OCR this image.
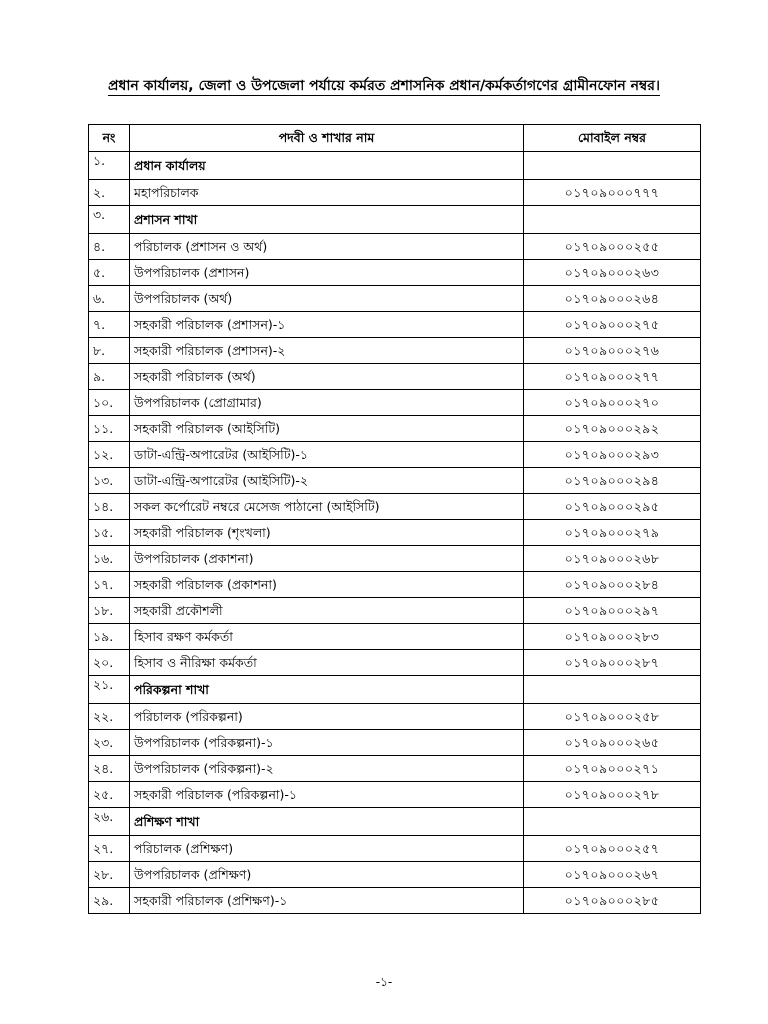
প্রধান কার্যালয়, জেলা ও উপজেলা পর্যায়ে কর্মরত প্রশাসনিক প্রধান/কর্মকর্তাগণের গ্রামীনফোন নম্বর।
নং	পদবী ও শাখার নাম	মোবাইল নম্বর
১.	প্রধান কার্যালয়	
২.	মহাপরিচালক	০১৭০৯০০০৭৭৭
৩.	প্রশাসন শাখা	
৪.	পরিচালক (প্রশাসন ও অর্থ)	০১৭০৯০০০২৫৫
৫.	উপপরিচালক (প্রশাসন)	০১৭০৯০০০২৬৩
৬.	উপপরিচালক (অর্থ)	০১৭০৯০০০২৬৪
৭.	সহকারী পরিচালক (প্রশাসন)-১	০১৭০৯০০০২৭৫
৮.	সহকারী পরিচালক (প্রশাসন)-২	০১৭০৯০০০২৭৬
৯.	সহকারী পরিচালক (অর্থ)	০১৭০৯০০০২৭৭
১০.	উপপরিচালক (প্রোগ্রামার)	০১৭০৯০০০২৭০
১১.	সহকারী পরিচালক (আইসিটি)	০১৭০৯০০০২৯২
১২.	ডাটা-এন্ট্রি-অপারেটর (আইসিটি)-১	০১৭০৯০০০২৯৩
১৩.	ডাটা-এন্ট্রি-অপারেটর (আইসিটি)-২	০১৭০৯০০০২৯৪
১৪.	সকল কর্পোরেট নম্বরে মেসেজ পাঠানো (আইসিটি)	০১৭০৯০০০২৯৫
১৫.	সহকারী পরিচালক (শৃংখলা)	০১৭০৯০০০২৭৯
১৬.	উপপরিচালক (প্রকাশনা)	০১৭০৯০০০২৬৮
১৭.	সহকারী পরিচালক (প্রকাশনা)	০১৭০৯০০০২৮৪
১৮.	সহকারী প্রকৌশলী	০১৭০৯০০০২৯৭
১৯.	হিসাব রক্ষণ কর্মকর্তা	০১৭০৯০০০২৮৩
২০.	হিসাব ও নীরিক্ষা কর্মকর্তা	০১৭০৯০০০২৮৭
২১.	পরিকল্পনা শাখা	
২২.	পরিচালক (পরিকল্পনা)	০১৭০৯০০০২৫৮
২৩.	উপপরিচালক (পরিকল্পনা)-১	০১৭০৯০০০২৬৫
২৪.	উপপরিচালক (পরিকল্পনা)-২	০১৭০৯০০০২৭১
২৫.	সহকারী পরিচালক (পরিকল্পনা)-১	০১৭০৯০০০২৭৮
২৬.	প্রশিক্ষণ শাখা	
২৭.	পরিচালক (প্রশিক্ষণ)	০১৭০৯০০০২৫৭
২৮.	উপপরিচালক (প্রশিক্ষণ)	০১৭০৯০০০২৬৭
২৯.	সহকারী পরিচালক (প্রশিক্ষণ)-১	০১৭০৯০০০২৮৫
-১-
